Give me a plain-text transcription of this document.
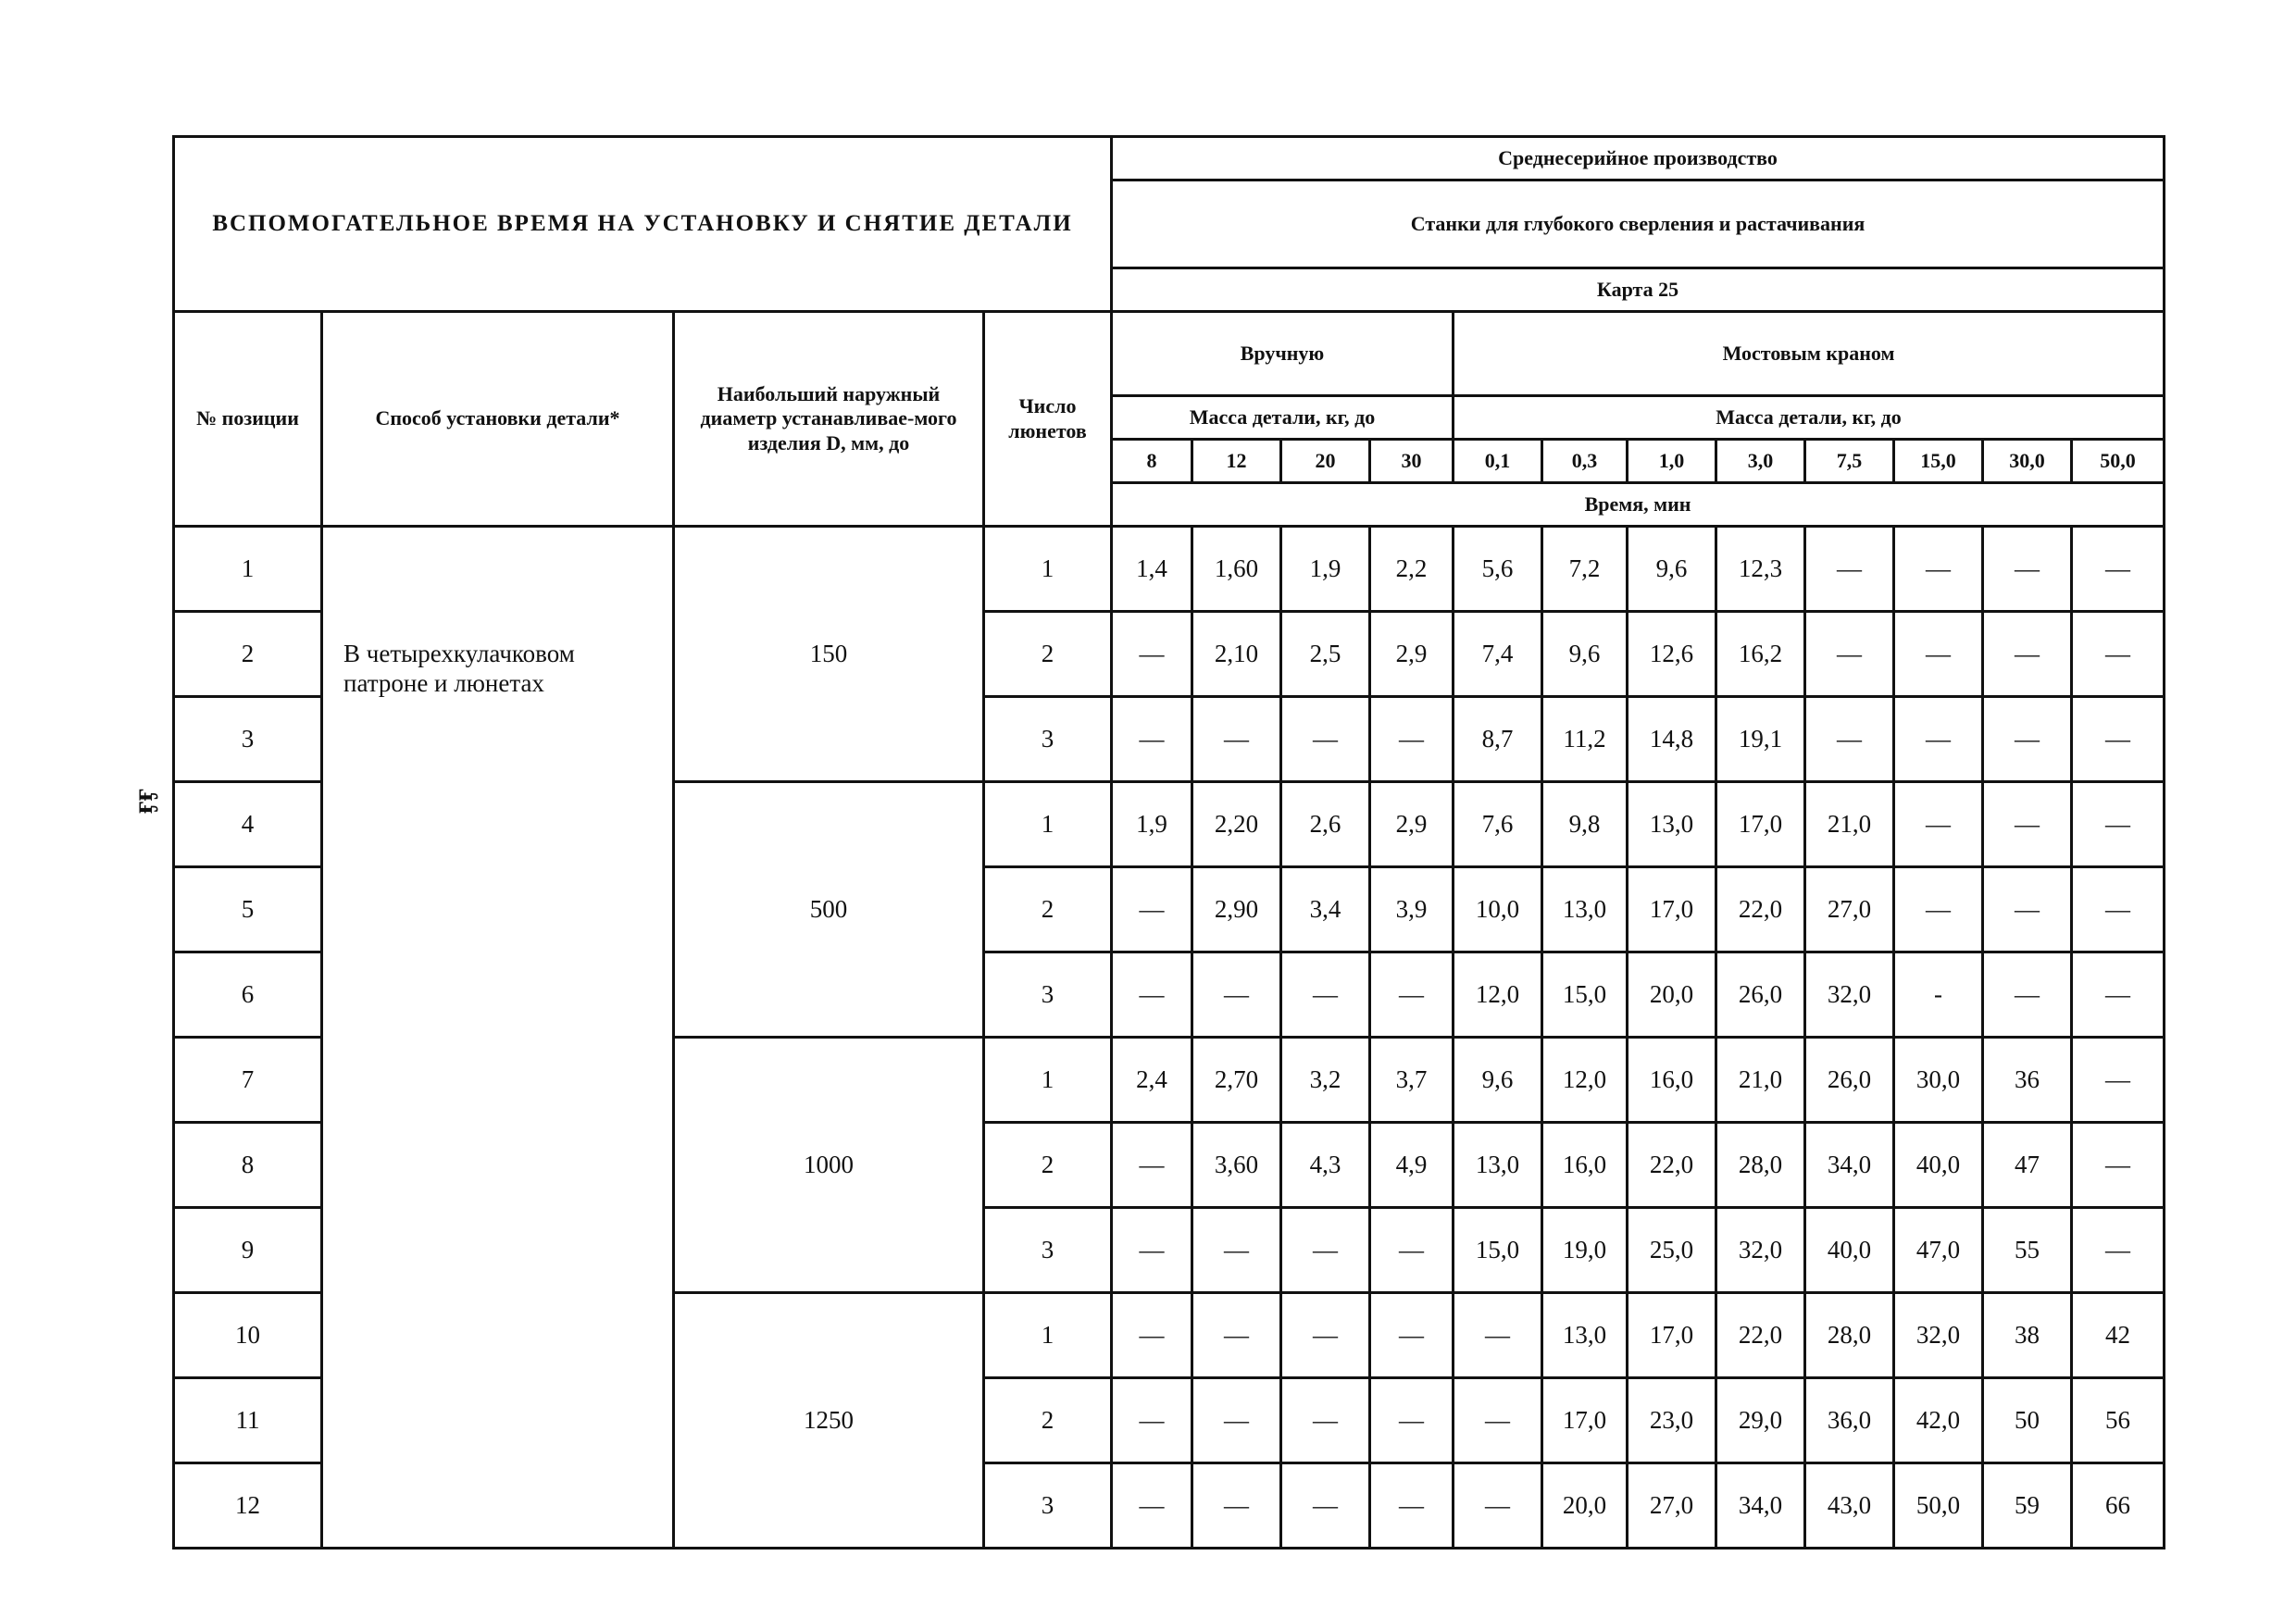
ӻӻ
ВСПОМОГАТЕЛЬНОЕ ВРЕМЯ НА УСТАНОВКУ И СНЯТИЕ ДЕТАЛИ				Среднесерийное производство											
				Станки для глубокого сверления и растачивания											
				Карта 25											
№ позиции	Способ установки детали*	Наибольший наружный диаметр устанавливае-мого изделия D, мм, до	Число люнетов	Вручную				Мостовым краном							
				Масса детали, кг, до				Масса детали, кг, до							
				8	12	20	30	0,1	0,3	1,0	3,0	7,5	15,0	30,0	50,0
				Время, мин											
1	В четырехкулачковом патроне и люнетах	150	1	1,4	1,60	1,9	2,2	5,6	7,2	9,6	12,3	—	—	—	—
2			2	—	2,10	2,5	2,9	7,4	9,6	12,6	16,2	—	—	—	—
3			3	—	—	—	—	8,7	11,2	14,8	19,1	—	—	—	—
4		500	1	1,9	2,20	2,6	2,9	7,6	9,8	13,0	17,0	21,0	—	—	—
5			2	—	2,90	3,4	3,9	10,0	13,0	17,0	22,0	27,0	—	—	—
6			3	—	—	—	—	12,0	15,0	20,0	26,0	32,0	-	—	—
7		1000	1	2,4	2,70	3,2	3,7	9,6	12,0	16,0	21,0	26,0	30,0	36	—
8			2	—	3,60	4,3	4,9	13,0	16,0	22,0	28,0	34,0	40,0	47	—
9			3	—	—	—	—	15,0	19,0	25,0	32,0	40,0	47,0	55	—
10		1250	1	—	—	—	—	—	13,0	17,0	22,0	28,0	32,0	38	42
11			2	—	—	—	—	—	17,0	23,0	29,0	36,0	42,0	50	56
12			3	—	—	—	—	—	20,0	27,0	34,0	43,0	50,0	59	66
